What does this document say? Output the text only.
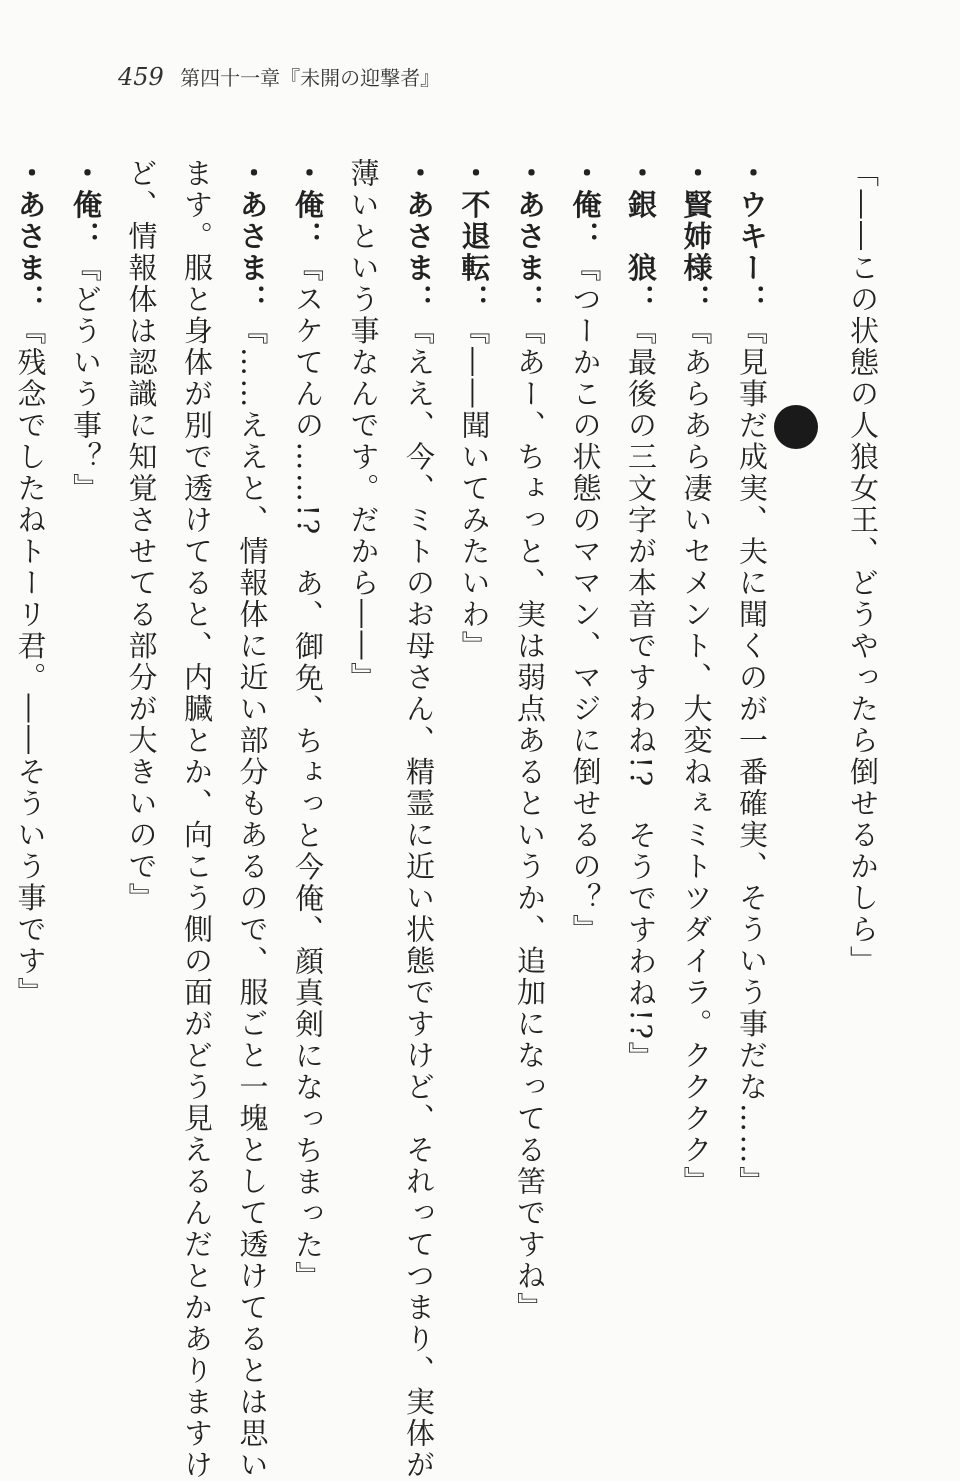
459 第四十一章『未開の迎撃者』
「――この状態の人狼女王、どうやったら倒せるかしら」

・ウキー：『見事だ成実、夫に聞くのが一番確実、そういう事だな……』
・賢姉様：『あらあら凄いセメント、大変ねぇミトツダイラ。クククク』
・銀　狼：『最後の三文字が本音ですわね!?　そうですわね!?』
・俺：『つーかこの状態のママン、マジに倒せるの？』
・あさま：『あー、ちょっと、実は弱点あるというか、追加になってる筈ですね』
・不退転：『――聞いてみたいわ』
・あさま：『ええ、今、ミトのお母さん、精霊に近い状態ですけど、それってつまり、実体が
薄いという事なんです。だから――』
・俺：『スケてんの……!?　あ、御免、ちょっと今俺、顔真剣になっちまった』
・あさま：『……ええと、情報体に近い部分もあるので、服ごと一塊として透けてるとは思い
ます。服と身体が別で透けてると、内臓とか、向こう側の面がどう見えるんだとかありますけ
ど、情報体は認識に知覚させてる部分が大きいので』
・俺：『どういう事？』
・あさま：『残念でしたねトーリ君。――そういう事です』
